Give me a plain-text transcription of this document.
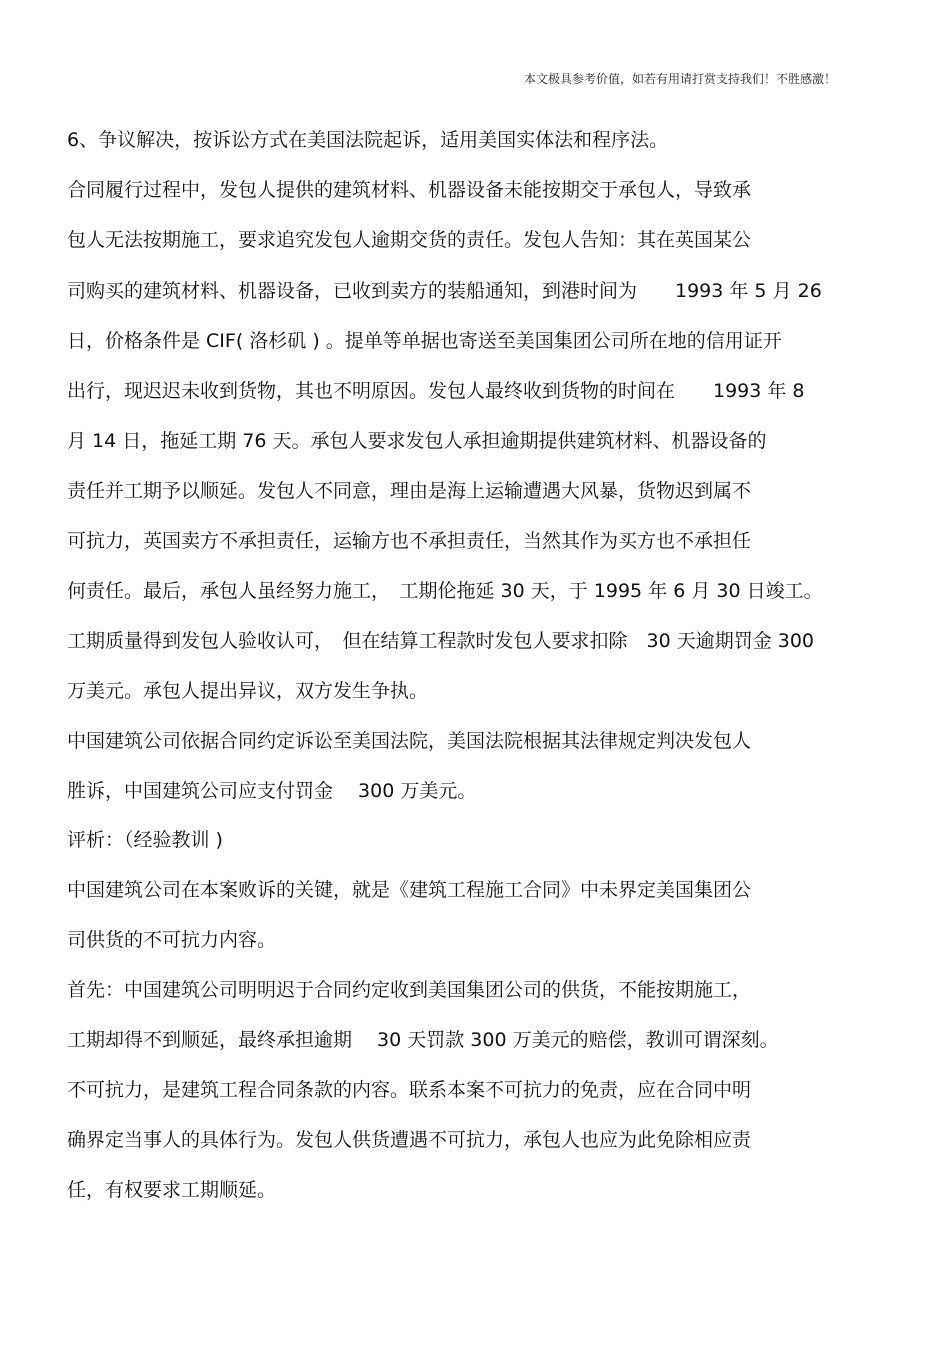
本文极具参考价值，如若有用请打赏支持我们！不胜感激！
6、争议解决，按诉讼方式在美国法院起诉，适用美国实体法和程序法。
合同履行过程中，发包人提供的建筑材料、机器设备未能按期交于承包人，导致承
包人无法按期施工，要求追究发包人逾期交货的责任。发包人告知：其在英国某公
司购买的建筑材料、机器设备，已收到卖方的装船通知，到港时间为　　1993 年 5 月 26
日，价格条件是 CIF( 洛杉矶 ) 。提单等单据也寄送至美国集团公司所在地的信用证开
出行，现迟迟未收到货物，其也不明原因。发包人最终收到货物的时间在　　1993 年 8
月 14 日，拖延工期 76 天。承包人要求发包人承担逾期提供建筑材料、机器设备的
责任并工期予以顺延。发包人不同意，理由是海上运输遭遇大风暴，货物迟到属不
可抗力，英国卖方不承担责任，运输方也不承担责任，当然其作为买方也不承担任
何责任。最后，承包人虽经努力施工，　工期伦拖延 30 天，于 1995 年 6 月 30 日竣工。
工期质量得到发包人验收认可，　但在结算工程款时发包人要求扣除　30 天逾期罚金 300
万美元。承包人提出异议，双方发生争执。
中国建筑公司依据合同约定诉讼至美国法院，美国法院根据其法律规定判决发包人
胜诉，中国建筑公司应支付罚金　 300 万美元。
评析：（经验教训 )
中国建筑公司在本案败诉的关键，就是《建筑工程施工合同》中未界定美国集团公
司供货的不可抗力内容。
首先：中国建筑公司明明迟于合同约定收到美国集团公司的供货，不能按期施工，
工期却得不到顺延，最终承担逾期　 30 天罚款 300 万美元的赔偿，教训可谓深刻。
不可抗力，是建筑工程合同条款的内容。联系本案不可抗力的免责，应在合同中明
确界定当事人的具体行为。发包人供货遭遇不可抗力，承包人也应为此免除相应责
任，有权要求工期顺延。
